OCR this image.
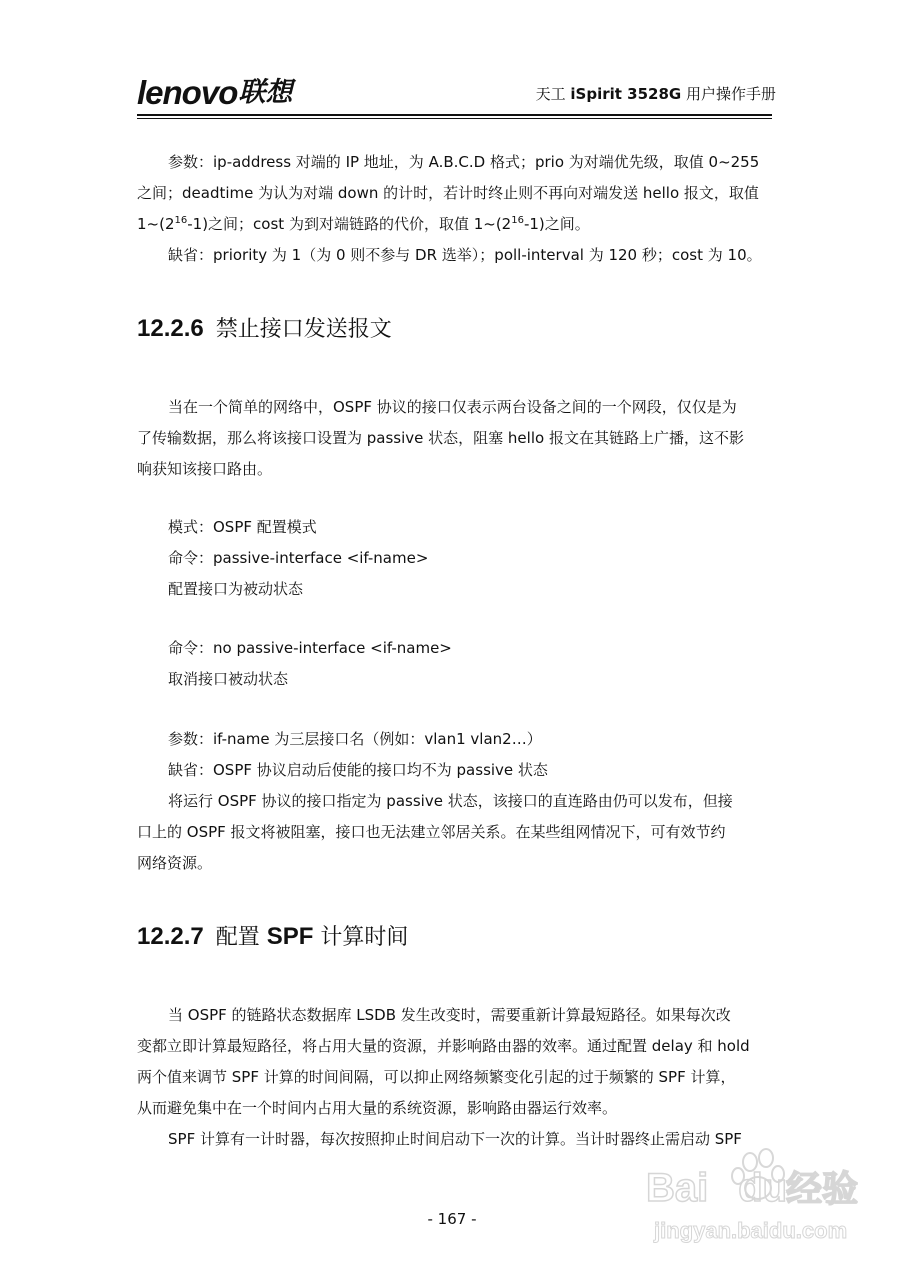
lenovo 联想	天工 iSpirit 3528G 用户操作手册
参数：ip-address 对端的 IP 地址，为 A.B.C.D 格式；prio 为对端优先级，取值 0~255
之间；deadtime 为认为对端 down 的计时，若计时终止则不再向对端发送 hello 报文，取值
$1\sim(2^{16}-1)$之间；cost 为到对端链路的代价，取值 $1\sim(2^{16}-1)$之间。
缺省：priority 为 1（为 0 则不参与 DR 选举）；poll-interval 为 120 秒；cost 为 10。
12.2.6 禁止接口发送报文
当在一个简单的网络中，OSPF 协议的接口仅表示两台设备之间的一个网段，仅仅是为
了传输数据，那么将该接口设置为 passive 状态，阻塞 hello 报文在其链路上广播，这不影
响获知该接口路由。
模式：OSPF 配置模式
命令：passive-interface <if-name>
配置接口为被动状态
命令：no passive-interface <if-name>
取消接口被动状态
参数：if-name 为三层接口名（例如：vlan1 vlan2…）
缺省：OSPF 协议启动后使能的接口均不为 passive 状态
将运行 OSPF 协议的接口指定为 passive 状态，该接口的直连路由仍可以发布，但接
口上的 OSPF 报文将被阻塞，接口也无法建立邻居关系。在某些组网情况下，可有效节约
网络资源。
12.2.7 配置 SPF 计算时间
当 OSPF 的链路状态数据库 LSDB 发生改变时，需要重新计算最短路径。如果每次改
变都立即计算最短路径，将占用大量的资源，并影响路由器的效率。通过配置 delay 和 hold
两个值来调节 SPF 计算的时间间隔，可以抑止网络频繁变化引起的过于频繁的 SPF 计算，
从而避免集中在一个时间内占用大量的系统资源，影响路由器运行效率。
SPF 计算有一计时器，每次按照抑止时间启动下一次的计算。当计时器终止需启动 SPF
Bai du
经验
jingyan.baidu.com
- 167 -
